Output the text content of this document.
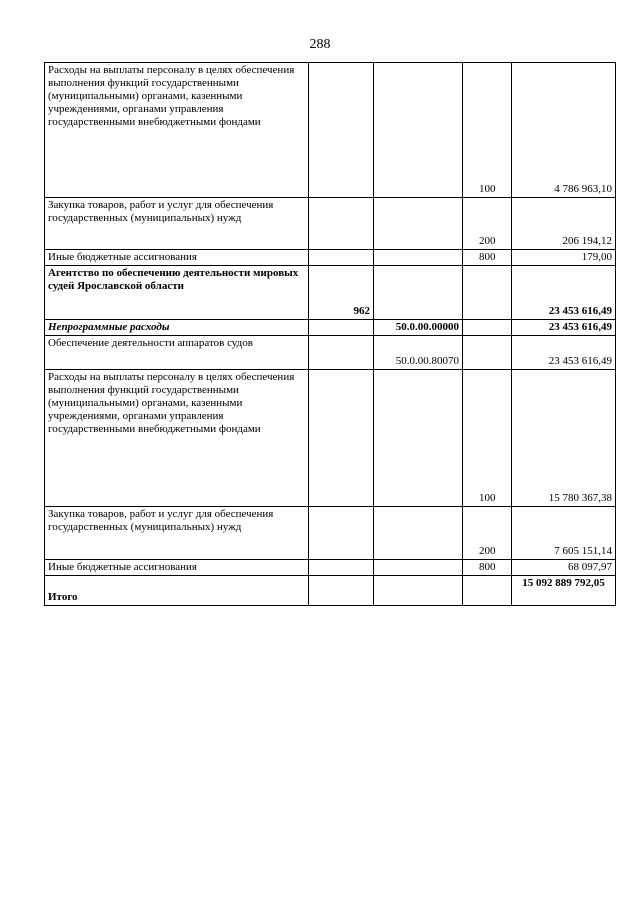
288
Расходы на выплаты персоналу в целях обеспечения выполнения функций государственными (муниципальными) органами, казенными учреждениями, органами управления государственными внебюджетными фондами			100	4 786 963,10
Закупка товаров, работ и услуг для обеспечения государственных (муниципальных) нужд			200	206 194,12
Иные бюджетные ассигнования			800	179,00
Агентство по обеспечению деятельности мировых судей Ярославской области	962			23 453 616,49
Непрограммные расходы		50.0.00.00000		23 453 616,49
Обеспечение деятельности аппаратов судов		50.0.00.80070		23 453 616,49
Расходы на выплаты персоналу в целях обеспечения выполнения функций государственными (муниципальными) органами, казенными учреждениями, органами управления государственными внебюджетными фондами			100	15 780 367,38
Закупка товаров, работ и услуг для обеспечения государственных (муниципальных) нужд			200	7 605 151,14
Иные бюджетные ассигнования			800	68 097,97
Итого				15 092 889 792,05
